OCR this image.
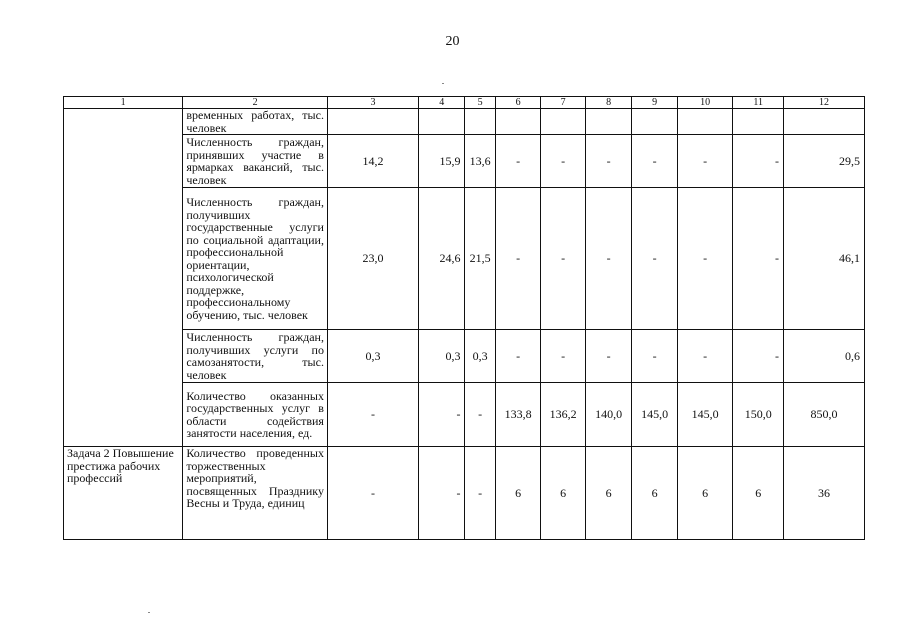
20
1	2	3	4	5	6	7	8	9	10	11	12
	временных работах, тыс. человек										
	Численность граждан, принявших участие в ярмарках вакансий, тыс. человек	14,2	15,9	13,6	-	-	-	-	-	-	29,5
	Численность граждан, получивших государственные услуги по социальной адаптации, профессиональной ориентации, психологической поддержке, профессиональному обучению, тыс. человек	23,0	24,6	21,5	-	-	-	-	-	-	46,1
	Численность граждан, получивших услуги по самозанятости, тыс. человек	0,3	0,3	0,3	-	-	-	-	-	-	0,6
	Количество оказанных государственных услуг в области содействия занятости населения, ед.	-	-	-	133,8	136,2	140,0	145,0	145,0	150,0	850,0
Задача 2 Повышение престижа рабочих профессий	Количество проведенных торжественных мероприятий, посвященных Празднику Весны и Труда, единиц	-	-	-	6	6	6	6	6	6	36
